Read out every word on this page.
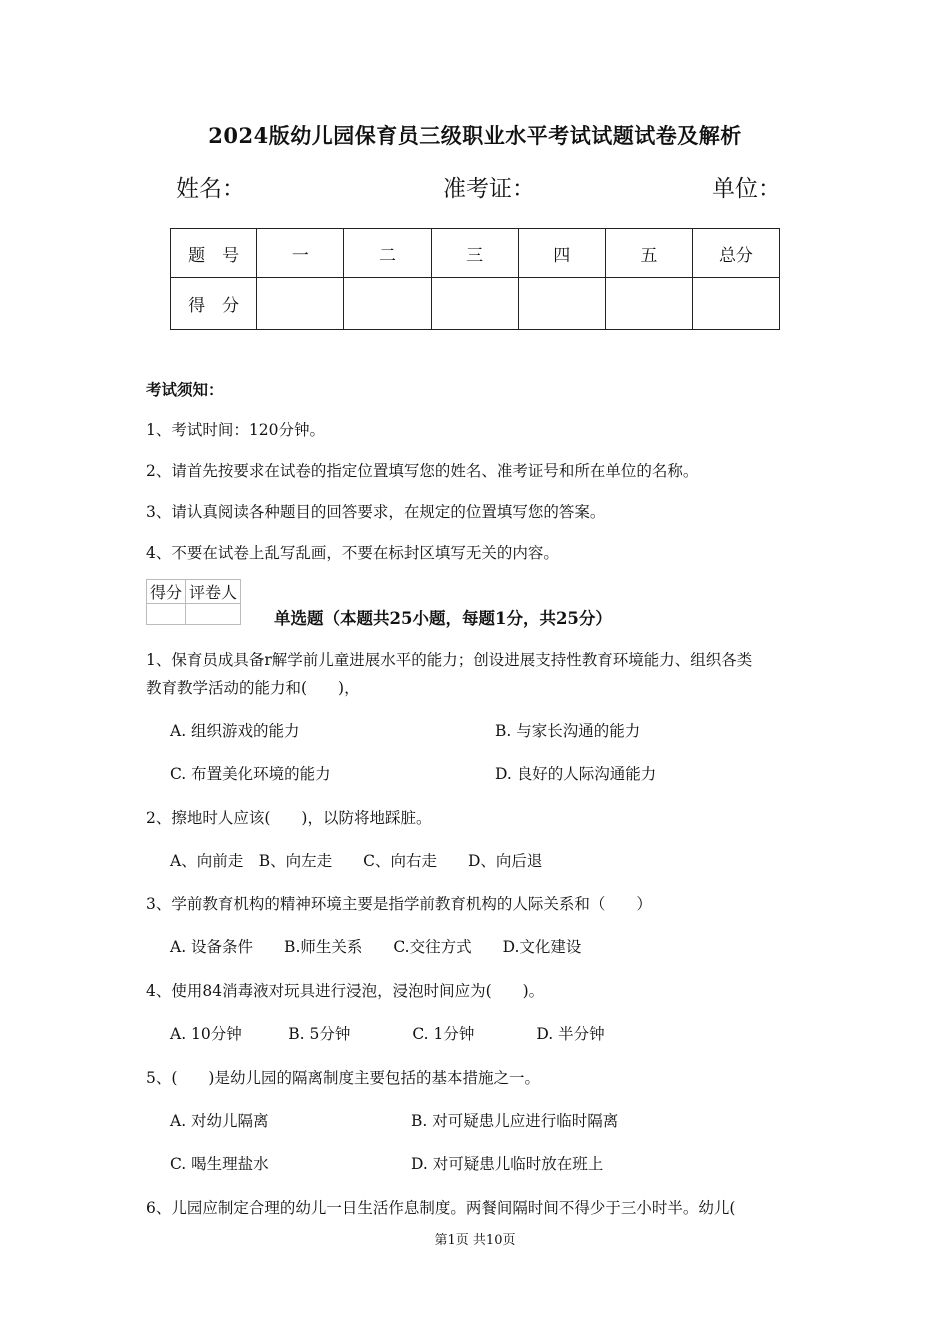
2024版幼儿园保育员三级职业水平考试试题试卷及解析
姓名：	准考证：	单位：
题　号	一	二	三	四	五	总分
得　分						
考试须知：
1、考试时间：120分钟。
2、请首先按要求在试卷的指定位置填写您的姓名、准考证号和所在单位的名称。
3、请认真阅读各种题目的回答要求，在规定的位置填写您的答案。
4、不要在试卷上乱写乱画，不要在标封区填写无关的内容。
得分	评卷人

单选题（本题共25小题，每题1分，共25分）
1、保育员成具备r解学前儿童进展水平的能力；创设进展支持性教育环境能力、组织各类
教育教学活动的能力和(　　)，
A. 组织游戏的能力	B. 与家长沟通的能力
C. 布置美化环境的能力	D. 良好的人际沟通能力
2、擦地时人应该(　　)，以防将地踩脏。
A、向前走　B、向左走　　C、向右走　　D、向后退
3、学前教育机构的精神环境主要是指学前教育机构的人际关系和（　　）
A. 设备条件　　B.师生关系　　C.交往方式　　D.文化建设
4、使用84消毒液对玩具进行浸泡，浸泡时间应为(　　)。
A. 10分钟　　　B. 5分钟　　　　C. 1分钟　　　　D. 半分钟
5、(　　)是幼儿园的隔离制度主要包括的基本措施之一。
A. 对幼儿隔离	B. 对可疑患儿应进行临时隔离
C. 喝生理盐水	D. 对可疑患儿临时放在班上
6、儿园应制定合理的幼儿一日生活作息制度。两餐间隔时间不得少于三小时半。幼儿(
第1页 共10页
